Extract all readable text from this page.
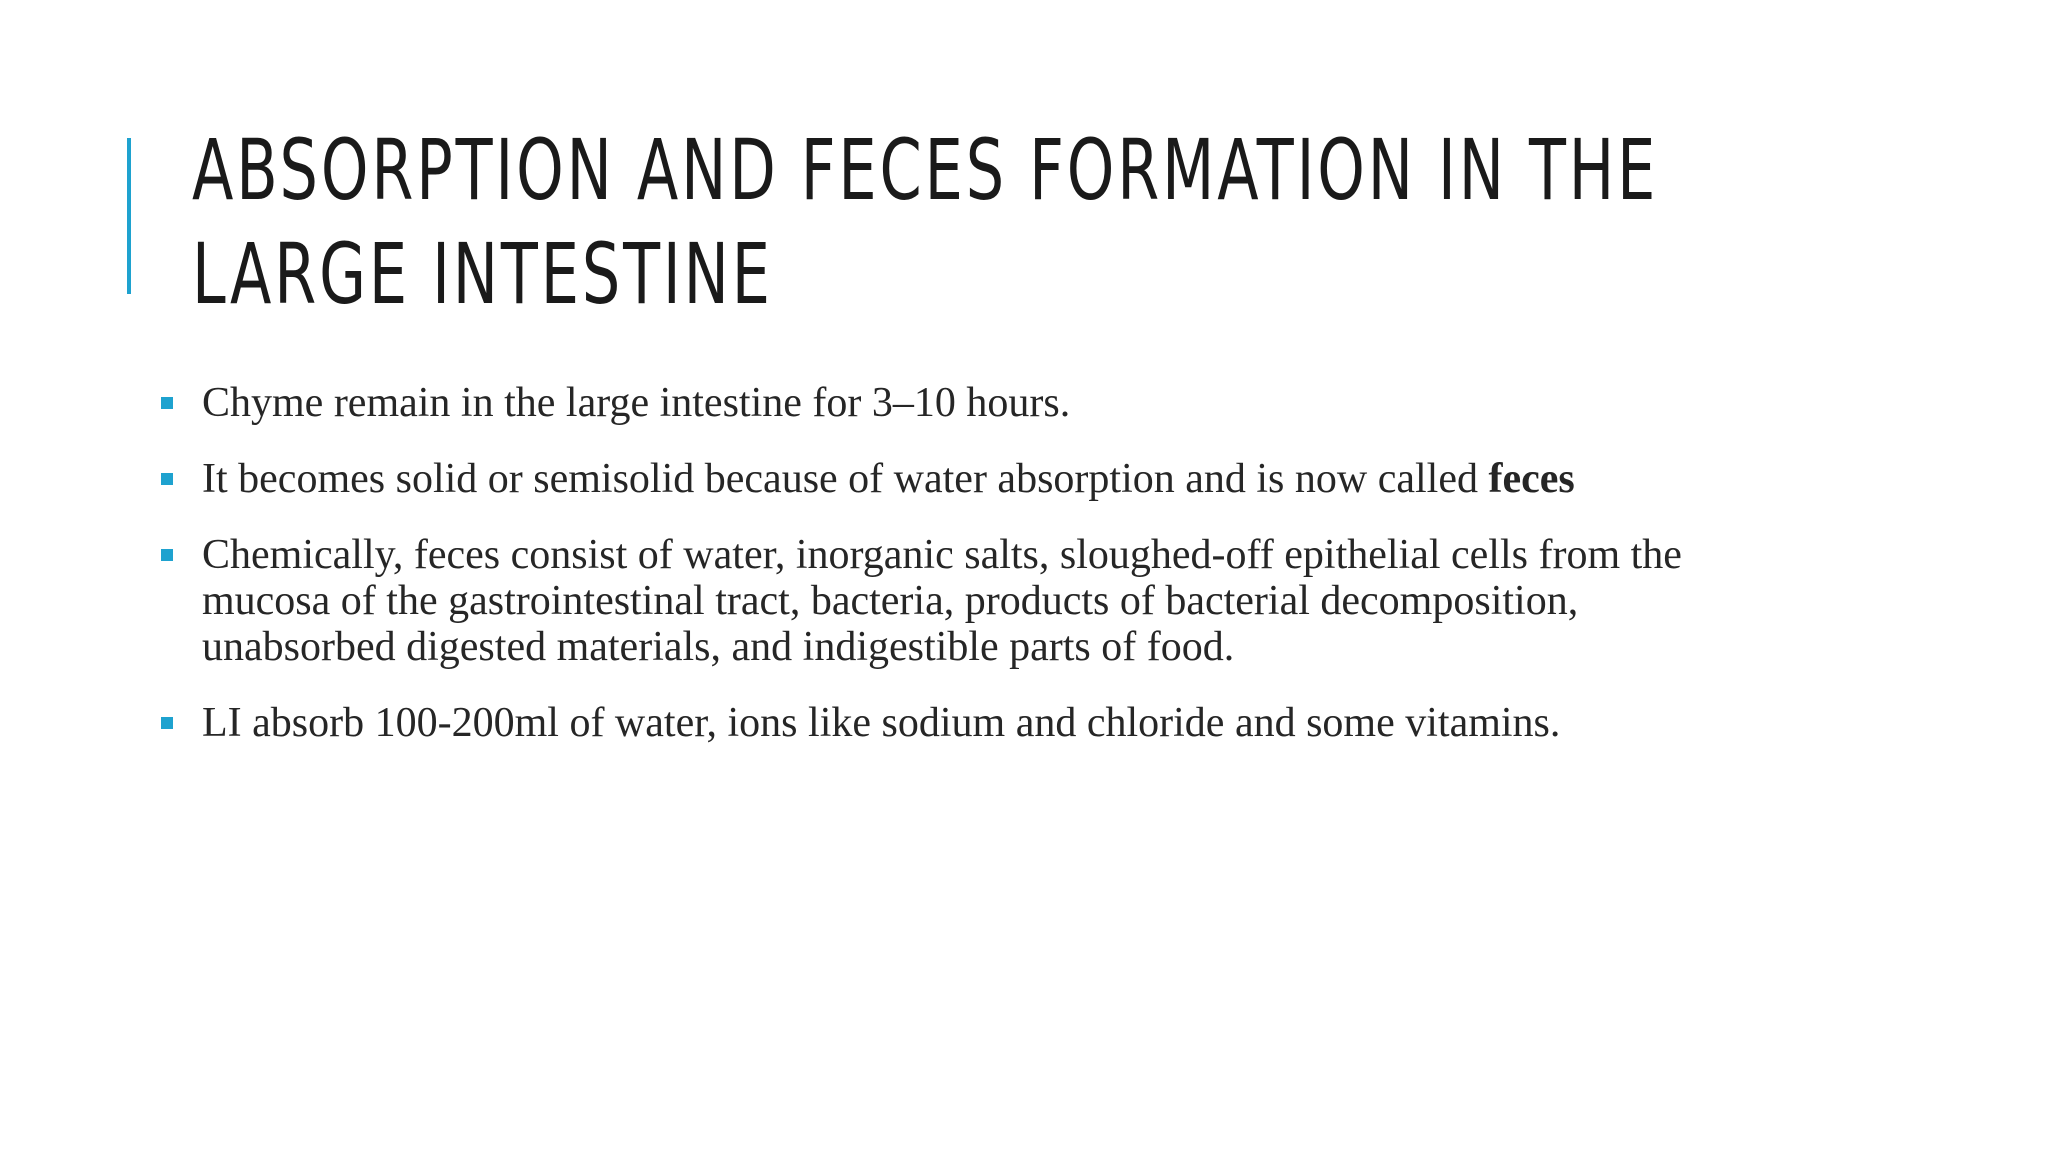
ABSORPTION AND FECES FORMATION IN THE
LARGE INTESTINE
Chyme remain in the large intestine for 3–10 hours.
It becomes solid or semisolid because of water absorption and is now called feces
Chemically, feces consist of water, inorganic salts, sloughed-off epithelial cells from the mucosa of the gastrointestinal tract, bacteria, products of bacterial decomposition, unabsorbed digested materials, and indigestible parts of food.
LI absorb 100-200ml of water, ions like sodium and chloride and some vitamins.
